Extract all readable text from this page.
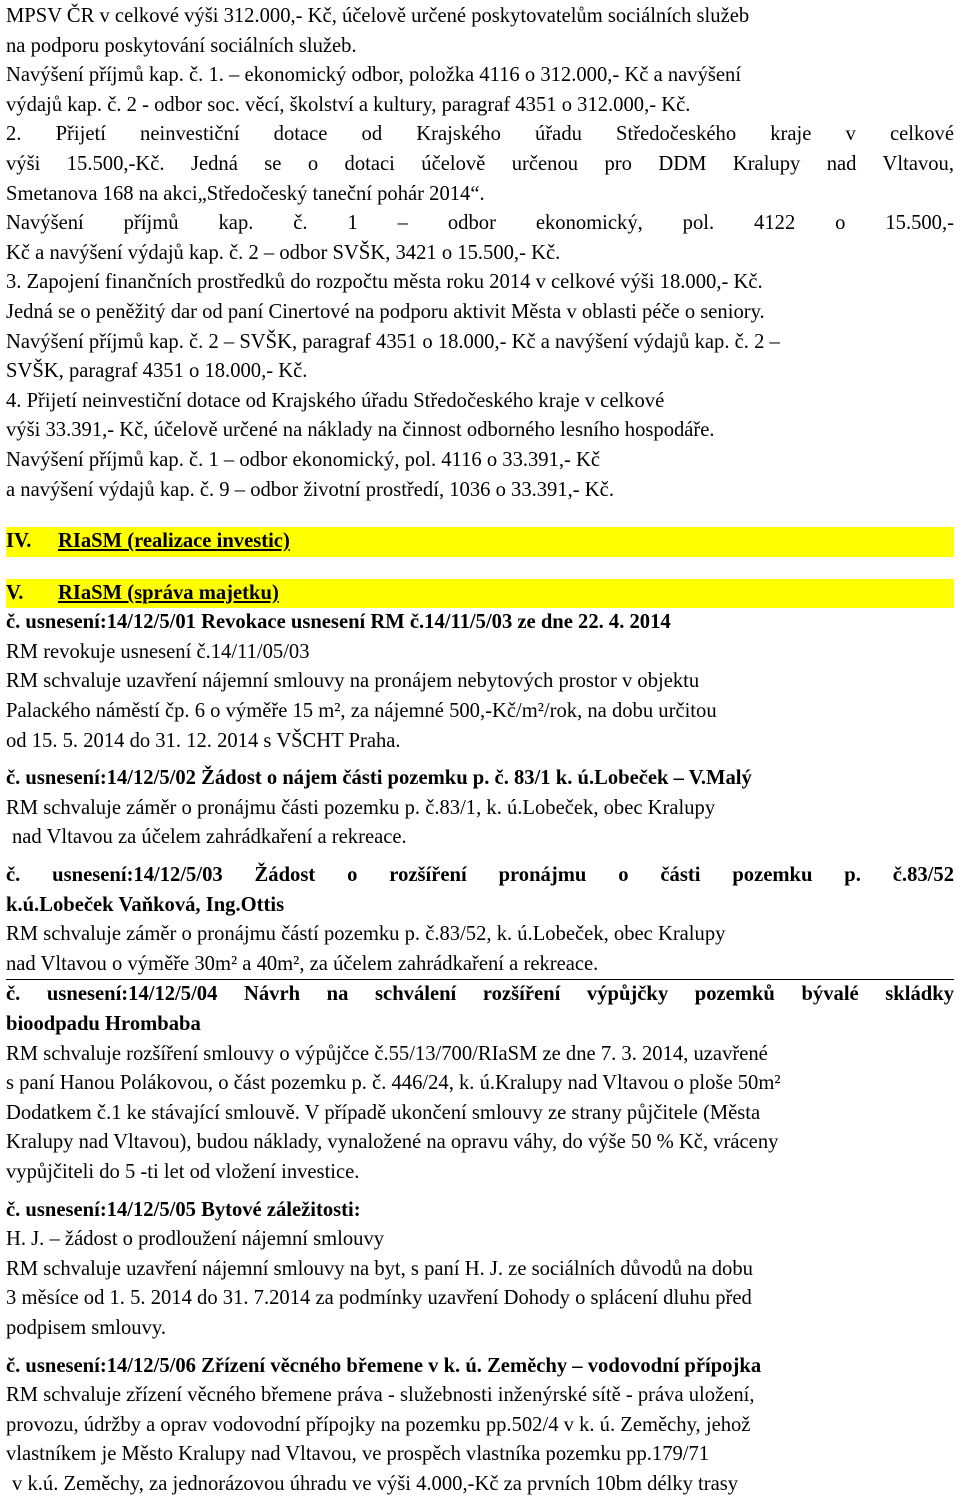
MPSV ČR v celkové výši 312.000,- Kč, účelově určené poskytovatelům sociálních služeb
na podporu poskytování sociálních služeb.
Navýšení příjmů kap. č. 1. – ekonomický odbor, položka 4116 o 312.000,- Kč a navýšení
výdajů kap. č. 2 - odbor soc. věcí, školství a kultury, paragraf 4351 o 312.000,- Kč.
2. Přijetí neinvestiční dotace od Krajského úřadu Středočeského kraje v celkové
výši 15.500,-Kč. Jedná se o dotaci účelově určenou pro DDM Kralupy nad Vltavou,
Smetanova 168 na akci„Středočeský taneční pohár 2014“.
Navýšení příjmů kap. č. 1 – odbor ekonomický, pol. 4122 o 15.500,-
Kč a navýšení výdajů kap. č. 2 – odbor SVŠK, 3421 o 15.500,- Kč.
3. Zapojení finančních prostředků do rozpočtu města roku 2014 v celkové výši 18.000,- Kč.
Jedná se o peněžitý dar od paní Cinertové na podporu aktivit Města v oblasti péče o seniory.
Navýšení příjmů kap. č. 2 – SVŠK, paragraf 4351 o 18.000,- Kč a navýšení výdajů kap. č. 2 –
SVŠK, paragraf 4351 o 18.000,- Kč.
4. Přijetí neinvestiční dotace od Krajského úřadu Středočeského kraje v celkové
výši 33.391,- Kč, účelově určené na náklady na činnost odborného lesního hospodáře.
Navýšení příjmů kap. č. 1 – odbor ekonomický, pol. 4116 o 33.391,- Kč
a navýšení výdajů kap. č. 9 – odbor životní prostředí, 1036 o 33.391,- Kč.
IV. RIaSM (realizace investic)
V. RIaSM (správa majetku)
č. usnesení:14/12/5/01 Revokace usnesení RM č.14/11/5/03 ze dne 22. 4. 2014
RM revokuje usnesení č.14/11/05/03
RM schvaluje uzavření nájemní smlouvy na pronájem nebytových prostor v objektu
Palackého náměstí čp. 6 o výměře 15 m², za nájemné 500,-Kč/m²/rok, na dobu určitou
od 15. 5. 2014 do 31. 12. 2014 s VŠCHT Praha.
č. usnesení:14/12/5/02 Žádost o nájem části pozemku p. č. 83/1 k. ú.Lobeček – V.Malý
RM schvaluje záměr o pronájmu části pozemku p. č.83/1, k. ú.Lobeček, obec Kralupy
nad Vltavou za účelem zahrádkaření a rekreace.
č. usnesení:14/12/5/03 Žádost o rozšíření pronájmu o části pozemku p. č.83/52
k.ú.Lobeček Vaňková, Ing.Ottis
RM schvaluje záměr o pronájmu částí pozemku p. č.83/52, k. ú.Lobeček, obec Kralupy
nad Vltavou o výměře 30m² a 40m², za účelem zahrádkaření a rekreace.
č. usnesení:14/12/5/04 Návrh na schválení rozšíření výpůjčky pozemků bývalé skládky
bioodpadu Hrombaba
RM schvaluje rozšíření smlouvy o výpůjčce č.55/13/700/RIaSM ze dne 7. 3. 2014, uzavřené
s paní Hanou Polákovou, o část pozemku p. č. 446/24, k. ú.Kralupy nad Vltavou o ploše 50m²
Dodatkem č.1 ke stávající smlouvě. V případě ukončení smlouvy ze strany půjčitele (Města
Kralupy nad Vltavou), budou náklady, vynaložené na opravu váhy, do výše 50 % Kč, vráceny
vypůjčiteli do 5 -ti let od vložení investice.
č. usnesení:14/12/5/05 Bytové záležitosti:
H. J. – žádost o prodloužení nájemní smlouvy
RM schvaluje uzavření nájemní smlouvy na byt, s paní H. J. ze sociálních důvodů na dobu
3 měsíce od 1. 5. 2014 do 31. 7.2014 za podmínky uzavření Dohody o splácení dluhu před
podpisem smlouvy.
č. usnesení:14/12/5/06 Zřízení věcného břemene v k. ú. Zeměchy – vodovodní přípojka
RM schvaluje zřízení věcného břemene práva - služebnosti inženýrské sítě - práva uložení,
provozu, údržby a oprav vodovodní přípojky na pozemku pp.502/4 v k. ú. Zeměchy, jehož
vlastníkem je Město Kralupy nad Vltavou, ve prospěch vlastníka pozemku pp.179/71
v k.ú. Zeměchy, za jednorázovou úhradu ve výši 4.000,-Kč za prvních 10bm délky trasy
